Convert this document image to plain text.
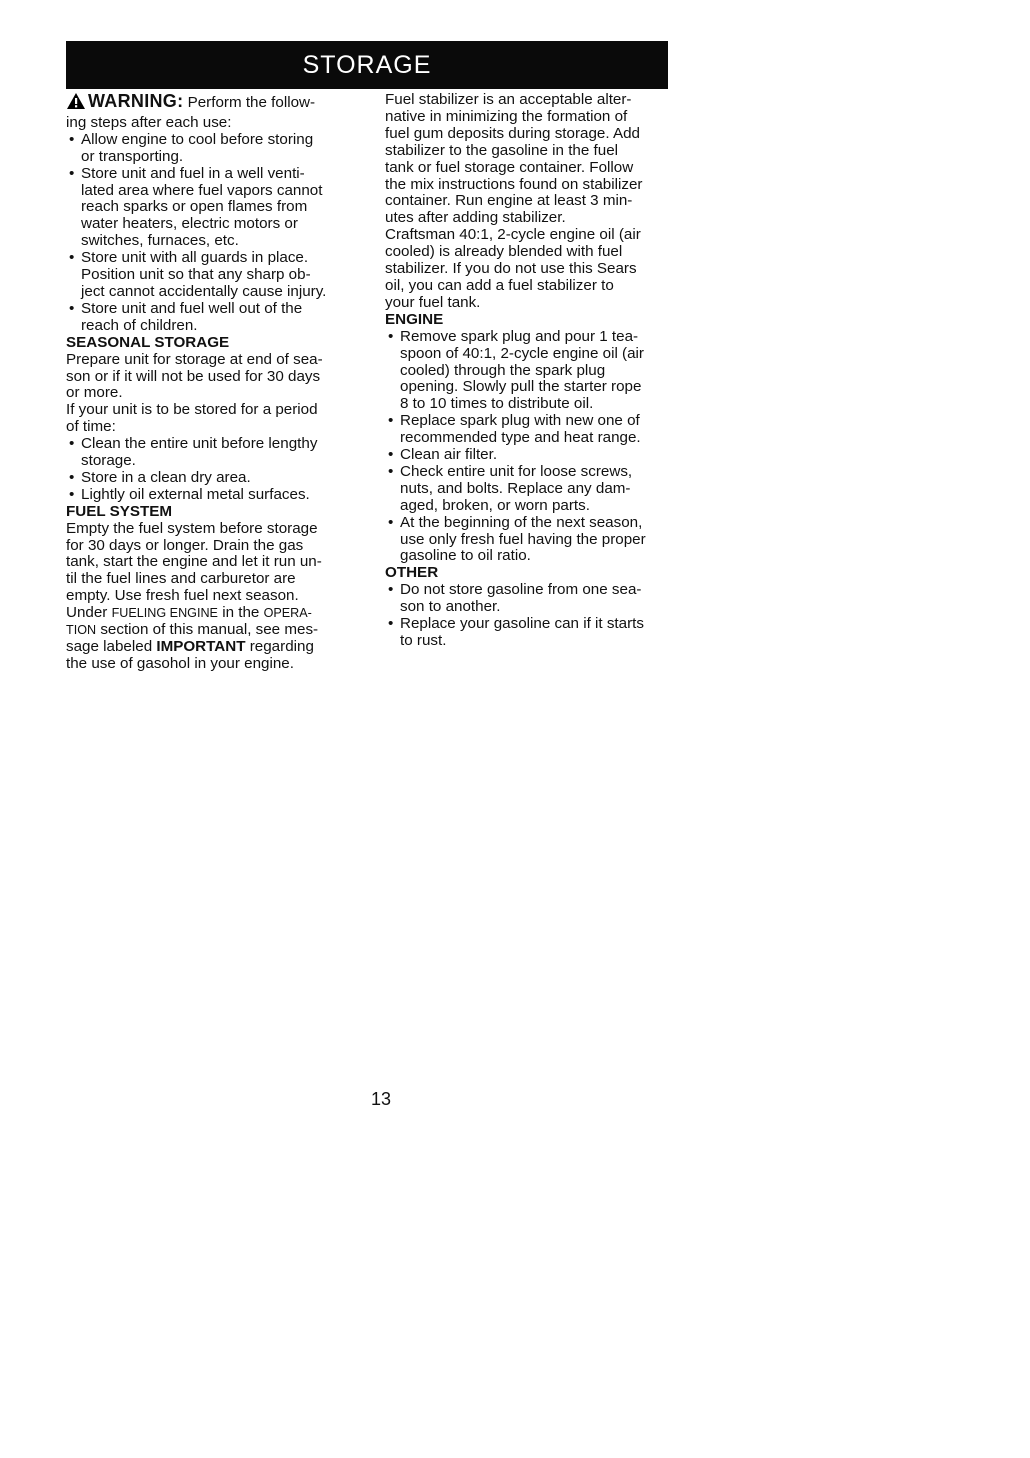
STORAGE

WARNING: Perform the follow-
ing steps after each use:

• Allow engine to cool before storing
or transporting.
• Store unit and fuel in a well venti-
lated area where fuel vapors cannot
reach sparks or open flames from
water heaters, electric motors or
switches, furnaces, etc.
• Store unit with all guards in place.
Position unit so that any sharp ob-
ject cannot accidentally cause injury.
• Store unit and fuel well out of the
reach of children.

SEASONAL STORAGE

Prepare unit for storage at end of sea-
son or if it will not be used for 30 days
or more.

If your unit is to be stored for a period
of time:

• Clean the entire unit before lengthy
storage.
• Store in a clean dry area.
• Lightly oil external metal surfaces.

FUEL SYSTEM

Empty the fuel system before storage
for 30 days or longer. Drain the gas
tank, start the engine and let it run un-
til the fuel lines and carburetor are
empty. Use fresh fuel next season.

Under FUELING ENGINE in the OPERA-
TION section of this manual, see mes-
sage labeled IMPORTANT regarding
the use of gasohol in your engine.

Fuel stabilizer is an acceptable alter-
native in minimizing the formation of
fuel gum deposits during storage. Add
stabilizer to the gasoline in the fuel
tank or fuel storage container. Follow
the mix instructions found on stabilizer
container. Run engine at least 3 min-
utes after adding stabilizer.

Craftsman 40:1, 2-cycle engine oil (air
cooled) is already blended with fuel
stabilizer. If you do not use this Sears
oil, you can add a fuel stabilizer to
your fuel tank.

ENGINE

• Remove spark plug and pour 1 tea-
spoon of 40:1, 2-cycle engine oil (air
cooled) through the spark plug
opening. Slowly pull the starter rope
8 to 10 times to distribute oil.
• Replace spark plug with new one of
recommended type and heat range.
• Clean air filter.
• Check entire unit for loose screws,
nuts, and bolts. Replace any dam-
aged, broken, or worn parts.
• At the beginning of the next season,
use only fresh fuel having the proper
gasoline to oil ratio.

OTHER

• Do not store gasoline from one sea-
son to another.
• Replace your gasoline can if it starts
to rust.
13
